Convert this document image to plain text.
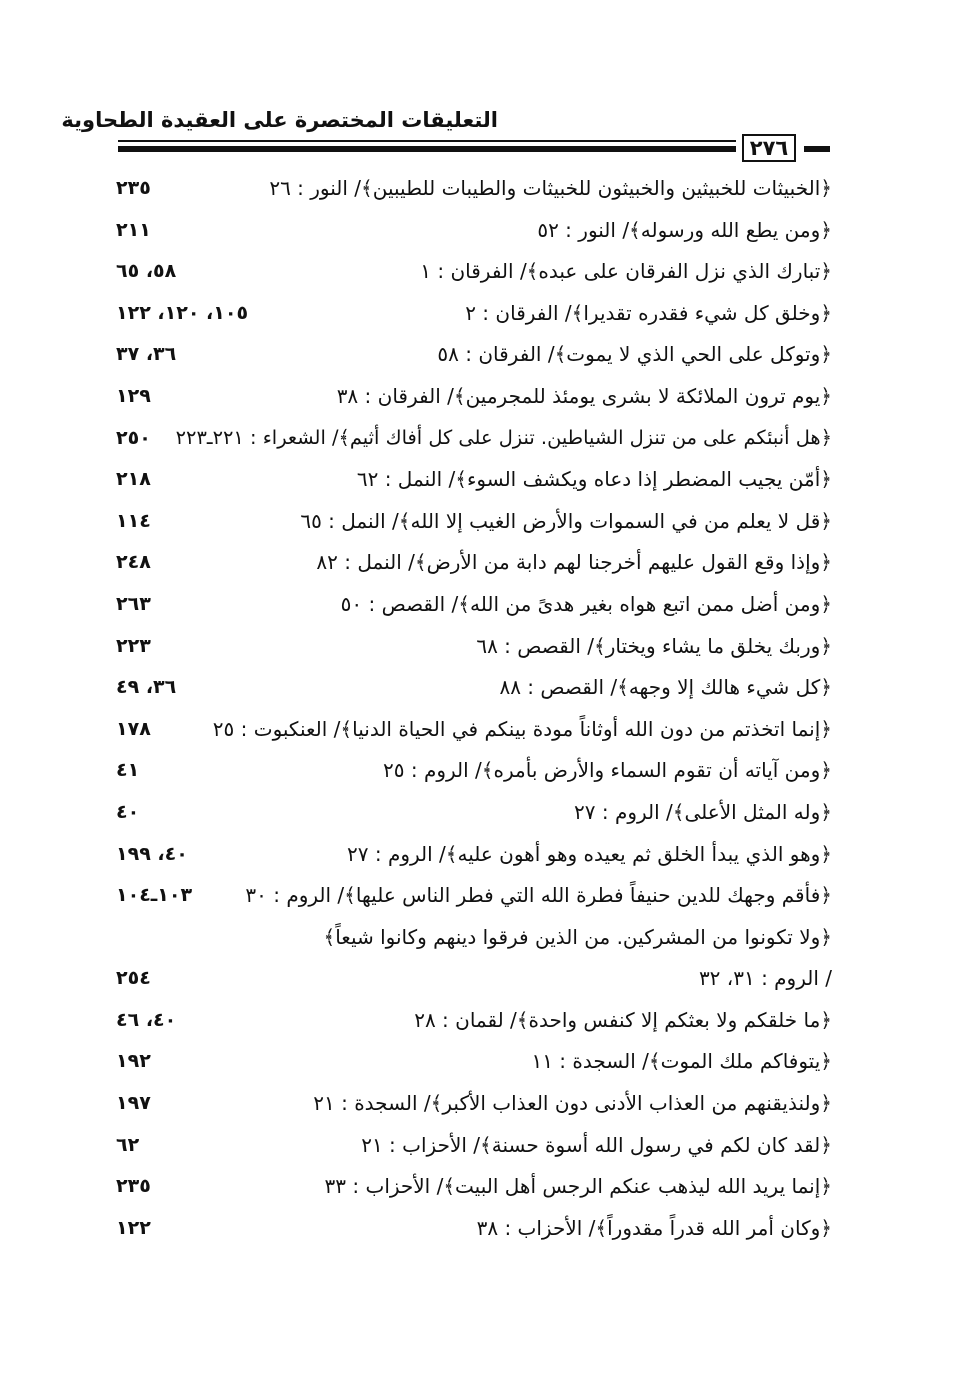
التعليقات المختصرة على العقيدة الطحاوية
٢٧٦
﴿الخبيثات للخبيثين والخبيثون للخبيثات والطيبات للطيبين﴾/ النور : ٢٦
٢٣٥
﴿ومن يطع الله ورسوله﴾/ النور : ٥٢
٢١١
﴿تبارك الذي نزل الفرقان على عبده﴾/ الفرقان : ١
٥٨، ٦٥
﴿وخلق كل شيء فقدره تقديرا﴾/ الفرقان : ٢
١٠٥، ١٢٠، ١٢٢
﴿وتوكل على الحي الذي لا يموت﴾/ الفرقان : ٥٨
٣٦، ٣٧
﴿يوم ترون الملائكة لا بشرى يومئذ للمجرمين﴾/ الفرقان : ٣٨
١٢٩
﴿هل أنبئكم على من تنزل الشياطين. تنزل على كل أفاك أثيم﴾/ الشعراء : ٢٢١ـ٢٢٣
٢٥٠
﴿أمّن يجيب المضطر إذا دعاه ويكشف السوء﴾/ النمل : ٦٢
٢١٨
﴿قل لا يعلم من في السموات والأرض الغيب إلا الله﴾/ النمل : ٦٥
١١٤
﴿وإذا وقع القول عليهم أخرجنا لهم دابة من الأرض﴾/ النمل : ٨٢
٢٤٨
﴿ومن أضل ممن اتبع هواه بغير هدىً من الله﴾/ القصص : ٥٠
٢٦٣
﴿وربك يخلق ما يشاء ويختار﴾/ القصص : ٦٨
٢٢٣
﴿كل شيء هالك إلا وجهه﴾/ القصص : ٨٨
٣٦، ٤٩
﴿إنما اتخذتم من دون الله أوثاناً مودة بينكم في الحياة الدنيا﴾/ العنكبوت : ٢٥
١٧٨
﴿ومن آياته أن تقوم السماء والأرض بأمره﴾/ الروم : ٢٥
٤١
﴿وله المثل الأعلى﴾/ الروم : ٢٧
٤٠
﴿وهو الذي يبدأ الخلق ثم يعيده وهو أهون عليه﴾/ الروم : ٢٧
٤٠، ١٩٩
﴿فأقم وجهك للدين حنيفاً فطرة الله التي فطر الناس عليها﴾/ الروم : ٣٠
١٠٣ـ١٠٤
﴿ولا تكونوا من المشركين. من الذين فرقوا دينهم وكانوا شيعاً﴾
/ الروم : ٣١، ٣٢
٢٥٤
﴿ما خلقكم ولا بعثكم إلا كنفس واحدة﴾/ لقمان : ٢٨
٤٠، ٤٦
﴿يتوفاكم ملك الموت﴾/ السجدة : ١١
١٩٢
﴿ولنذيقنهم من العذاب الأدنى دون العذاب الأكبر﴾/ السجدة : ٢١
١٩٧
﴿لقد كان لكم في رسول الله أسوة حسنة﴾/ الأحزاب : ٢١
٦٢
﴿إنما يريد الله ليذهب عنكم الرجس أهل البيت﴾/ الأحزاب : ٣٣
٢٣٥
﴿وكان أمر الله قدراً مقدوراً﴾/ الأحزاب : ٣٨
١٢٢
